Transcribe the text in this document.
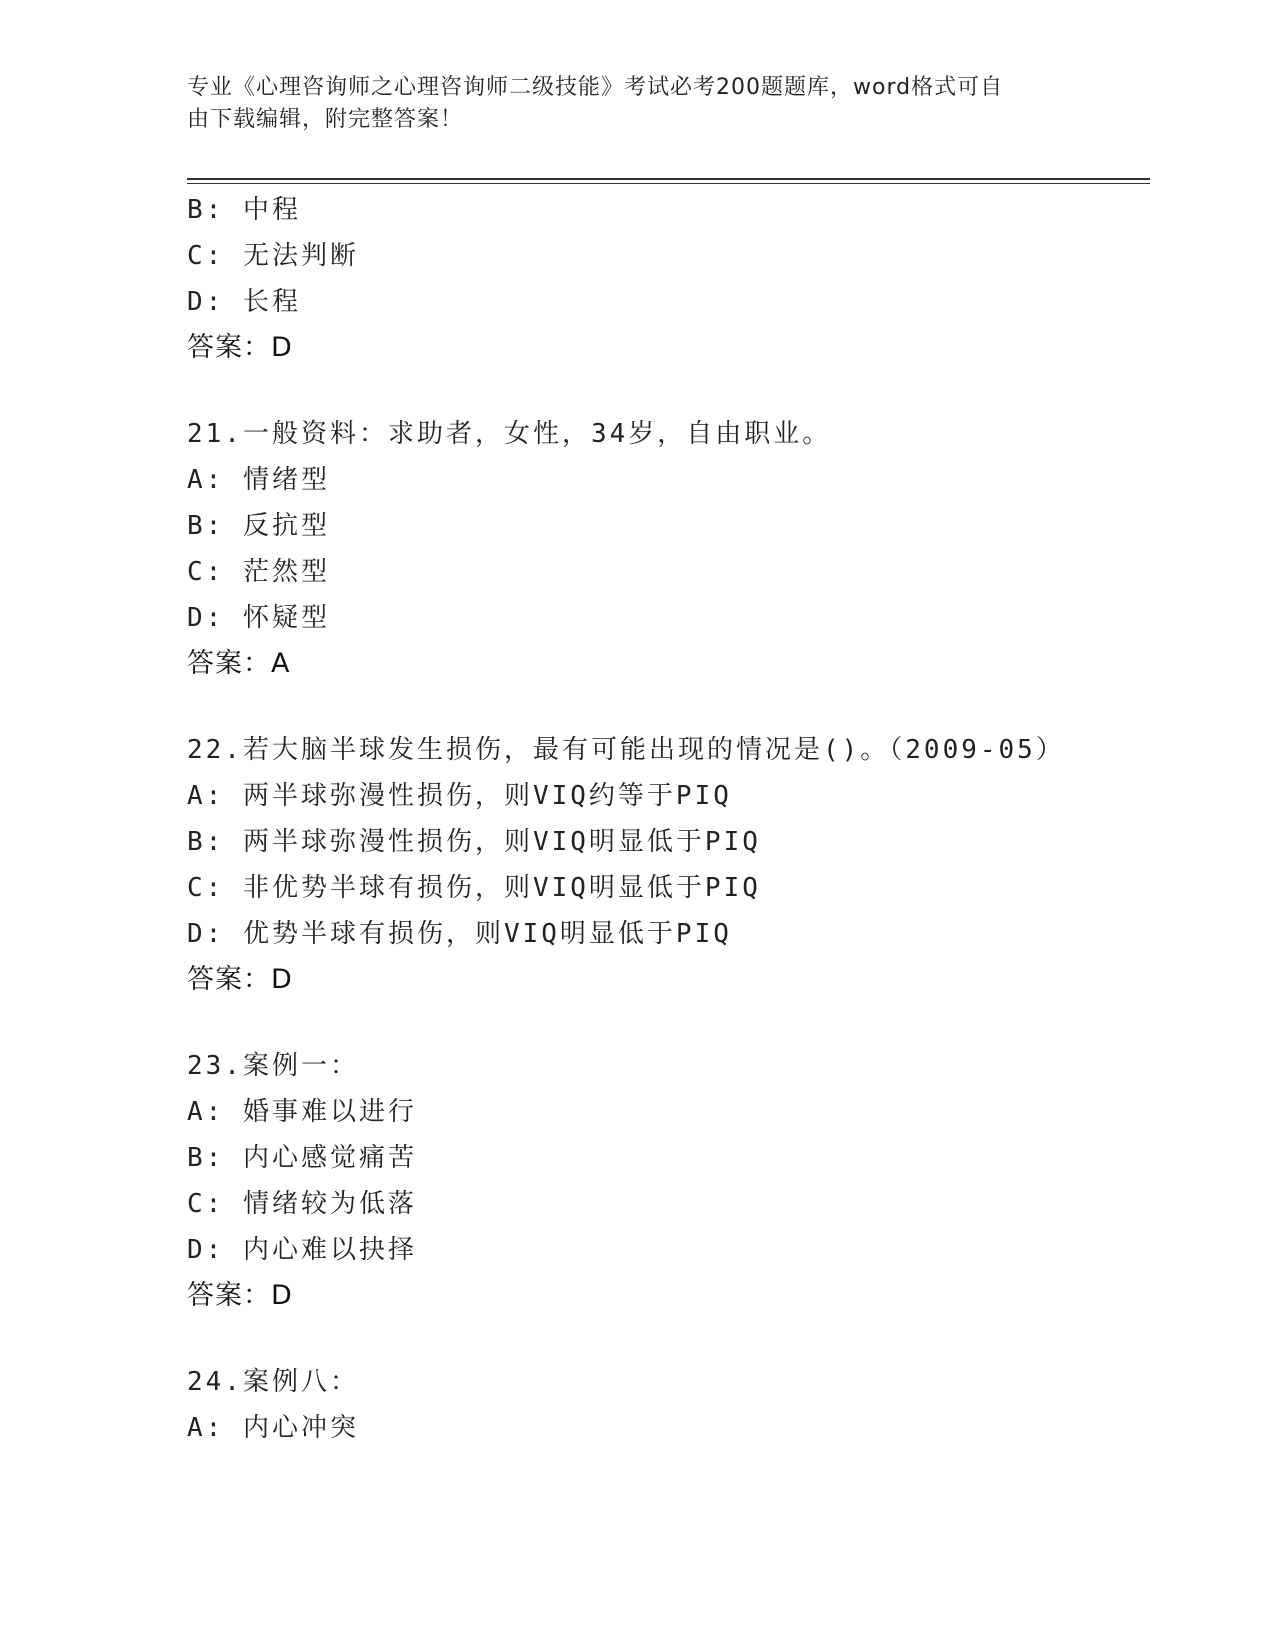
专业《心理咨询师之心理咨询师二级技能》考试必考200题题库，word格式可自
由下载编辑，附完整答案！
B: 中程
C: 无法判断
D: 长程
答案：D
21.一般资料：求助者，女性，34岁，自由职业。
A: 情绪型
B: 反抗型
C: 茫然型
D: 怀疑型
答案：A
22.若大脑半球发生损伤，最有可能出现的情况是()。（2009-05）
A: 两半球弥漫性损伤，则VIQ约等于PIQ
B: 两半球弥漫性损伤，则VIQ明显低于PIQ
C: 非优势半球有损伤，则VIQ明显低于PIQ
D: 优势半球有损伤，则VIQ明显低于PIQ
答案：D
23.案例一：
A: 婚事难以进行
B: 内心感觉痛苦
C: 情绪较为低落
D: 内心难以抉择
答案：D
24.案例八：
A: 内心冲突
